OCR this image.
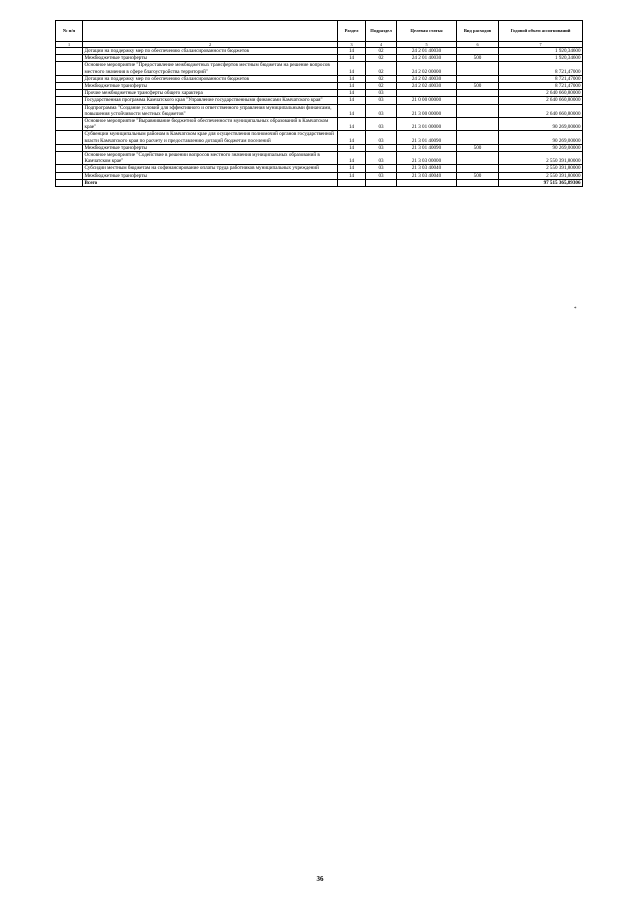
№ п/п		Раздел	Подраздел	Целевая статья	Вид расходов	Годовой объем ассигнований
1	2	3	4	5	6	7
	Дотации на поддержку мер по обеспечению сбалансированности бюджетов	14	02	24 2 01 40030		1 920,34600
	Межбюджетные трансферты	14	02	24 2 01 40030	500	1 920,34600
	Основное мероприятие "Предоставление межбюджетных трансфертов местным бюджетам на решение вопросов местного значения в сфере благоустройства территорий"	14	02	24 2 02 00000		8 721,47000
	Дотации на поддержку мер по обеспечению сбалансированности бюджетов	14	02	24 2 02 40030		8 721,47000
	Межбюджетные трансферты	14	02	24 2 02 40030	500	8 721,47000
	Прочие межбюджетные трансферты общего характера	14	03			2 640 660,80000
	Государственная программа Камчатского края "Управление государственными финансами Камчатского края"	14	03	21 0 00 00000		2 640 660,80000
	Подпрограмма "Создание условий для эффективного и ответственного управления муниципальными финансами, повышения устойчивости местных бюджетов"	14	03	21 3 00 00000		2 640 660,80000
	Основное мероприятие "Выравнивание бюджетной обеспеченности муниципальных образований в Камчатском крае"	14	03	21 3 01 00000		90 269,00000
	Субвенции муниципальным районам в Камчатском крае для осуществления полномочий органов государственной власти Камчатского края по расчету и предоставлению дотаций бюджетам поселений	14	03	21 3 01 40090		90 269,00000
	Межбюджетные трансферты	14	03	21 3 01 40090	500	90 269,00000
	Основное мероприятие "Содействие в решении вопросов местного значения муниципальных образований в Камчатском крае"	14	03	21 3 03 00000		2 550 391,80000
	Субсидии местным бюджетам на софинансирование оплаты труда работников муниципальных учреждений	14	03	21 3 03 40040		2 550 391,80000
	Межбюджетные трансферты	14	03	21 3 03 40040	500	2 550 391,80000
	Всего					97 515 365,89306
*
36
